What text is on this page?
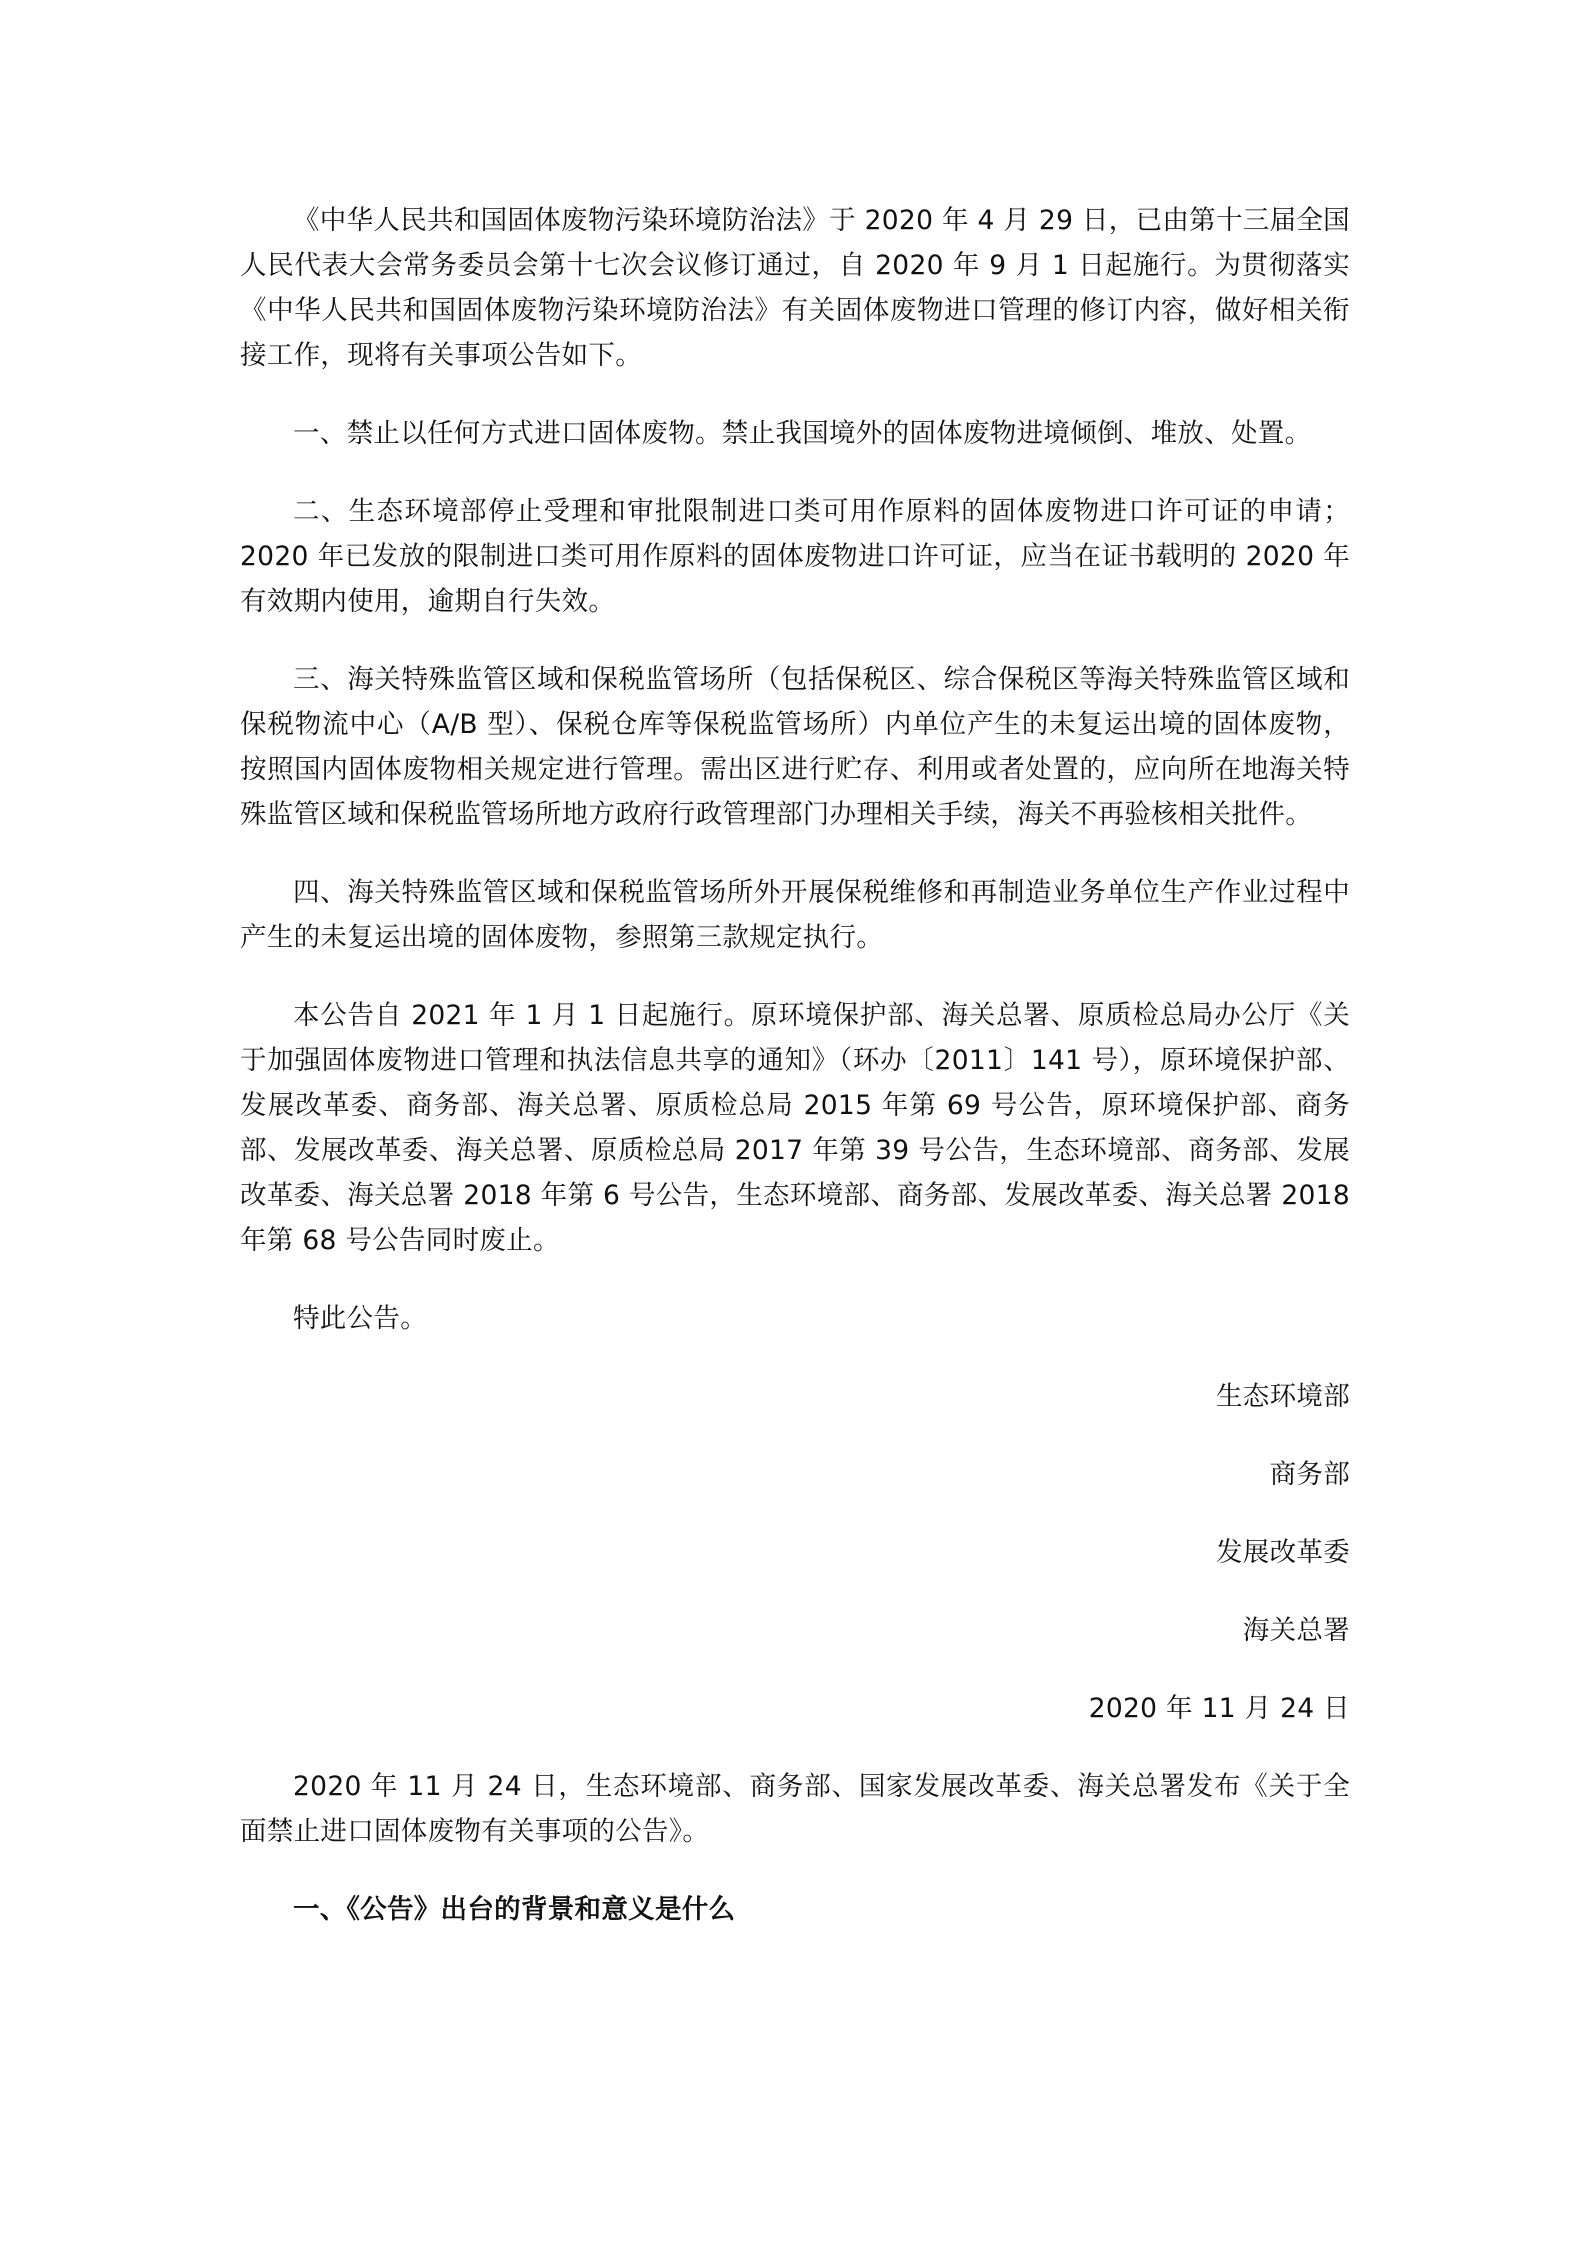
《中华人民共和国固体废物污染环境防治法》于 2020 年 4 月 29 日，已由第十三届全国人民代表大会常务委员会第十七次会议修订通过，自 2020 年 9 月 1 日起施行。为贯彻落实《中华人民共和国固体废物污染环境防治法》有关固体废物进口管理的修订内容，做好相关衔接工作，现将有关事项公告如下。

一、禁止以任何方式进口固体废物。禁止我国境外的固体废物进境倾倒、堆放、处置。

二、生态环境部停止受理和审批限制进口类可用作原料的固体废物进口许可证的申请；2020 年已发放的限制进口类可用作原料的固体废物进口许可证，应当在证书载明的 2020 年有效期内使用，逾期自行失效。

三、海关特殊监管区域和保税监管场所（包括保税区、综合保税区等海关特殊监管区域和保税物流中心（A/B 型）、保税仓库等保税监管场所）内单位产生的未复运出境的固体废物，按照国内固体废物相关规定进行管理。需出区进行贮存、利用或者处置的，应向所在地海关特殊监管区域和保税监管场所地方政府行政管理部门办理相关手续，海关不再验核相关批件。

四、海关特殊监管区域和保税监管场所外开展保税维修和再制造业务单位生产作业过程中产生的未复运出境的固体废物，参照第三款规定执行。

本公告自 2021 年 1 月 1 日起施行。原环境保护部、海关总署、原质检总局办公厅《关于加强固体废物进口管理和执法信息共享的通知》（环办〔2011〕141 号），原环境保护部、发展改革委、商务部、海关总署、原质检总局 2015 年第 69 号公告，原环境保护部、商务部、发展改革委、海关总署、原质检总局 2017 年第 39 号公告，生态环境部、商务部、发展改革委、海关总署 2018 年第 6 号公告，生态环境部、商务部、发展改革委、海关总署 2018 年第 68 号公告同时废止。

特此公告。

生态环境部

商务部

发展改革委

海关总署

2020 年 11 月 24 日

2020 年 11 月 24 日，生态环境部、商务部、国家发展改革委、海关总署发布《关于全面禁止进口固体废物有关事项的公告》。

一、《公告》出台的背景和意义是什么
